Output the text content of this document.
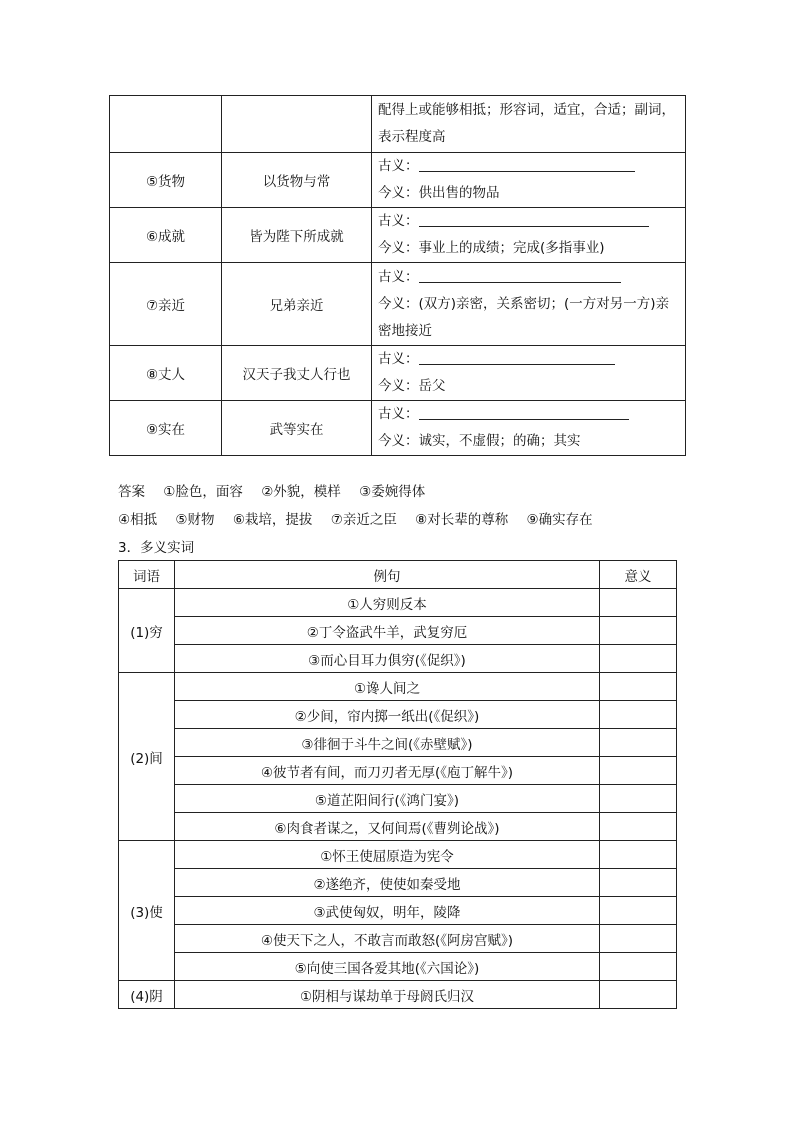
		配得上或能够相抵；形容词，适宜，合适；副词，表示程度高
⑤货物	以货物与常	古义：
今义：供出售的物品

⑥成就	皆为陛下所成就	古义：
今义：事业上的成绩；完成(多指事业)

⑦亲近	兄弟亲近	古义：
今义：(双方)亲密，关系密切；(一方对另一方)亲密地接近

⑧丈人	汉天子我丈人行也	古义：
今义：岳父

⑨实在	武等实在	古义：
今义：诚实，不虚假；的确；其实
答案 ①脸色，面容 ②外貌，模样 ③委婉得体
④相抵 ⑤财物 ⑥栽培，提拔 ⑦亲近之臣 ⑧对长辈的尊称 ⑨确实存在
3．多义实词
词语	例句	意义
(1)穷	①人穷则反本	
	②丁令盗武牛羊，武复穷厄	
	③而心目耳力俱穷(《促织》)	
(2)间	①谗人间之	
	②少间，帘内掷一纸出(《促织》)	
	③徘徊于斗牛之间(《赤壁赋》)	
	④彼节者有间，而刀刃者无厚(《庖丁解牛》)	
	⑤道芷阳间行(《鸿门宴》)	
	⑥肉食者谋之，又何间焉(《曹刿论战》)	
(3)使	①怀王使屈原造为宪令	
	②遂绝齐，使使如秦受地	
	③武使匈奴，明年，陵降	
	④使天下之人，不敢言而敢怒(《阿房宫赋》)	
	⑤向使三国各爱其地(《六国论》)	
(4)阴	①阴相与谋劫单于母阏氏归汉	
